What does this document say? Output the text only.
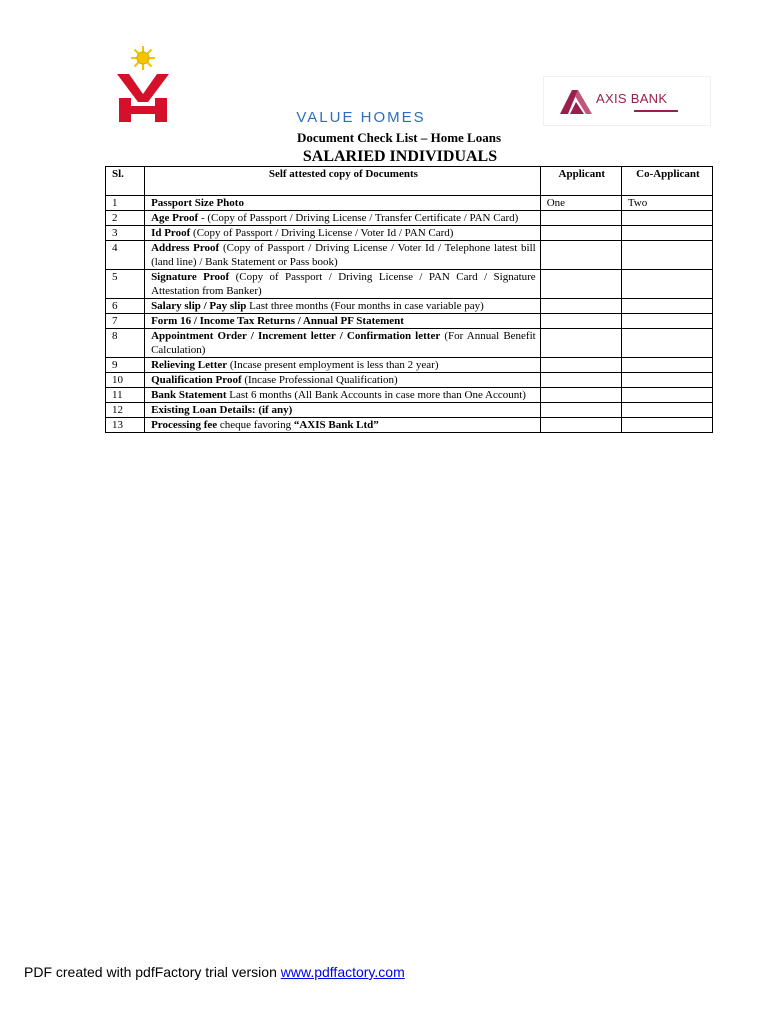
AXIS BANK
HOME LOANS
VALUE HOMES
Document Check List – Home Loans
SALARIED INDIVIDUALS
Sl.	Self attested copy of Documents	Applicant	Co-Applicant
1	Passport Size Photo	One	Two
2	Age Proof - (Copy of Passport / Driving License / Transfer Certificate / PAN Card)		
3	Id Proof (Copy of Passport / Driving License / Voter Id / PAN Card)		
4	Address Proof (Copy of Passport / Driving License / Voter Id / Telephone latest bill (land line) / Bank Statement or Pass book)		
5	Signature Proof (Copy of Passport / Driving License / PAN Card / Signature Attestation from Banker)		
6	Salary slip / Pay slip Last three months (Four months in case variable pay)		
7	Form 16 / Income Tax Returns / Annual PF Statement		
8	Appointment Order / Increment letter / Confirmation letter (For Annual Benefit Calculation)		
9	Relieving Letter (Incase present employment is less than 2 year)		
10	Qualification Proof (Incase Professional Qualification)		
11	Bank Statement Last 6 months (All Bank Accounts in case more than One Account)		
12	Existing Loan Details: (if any)		
13	Processing fee cheque favoring “AXIS Bank Ltd”		
PDF created with pdfFactory trial version www.pdffactory.com
